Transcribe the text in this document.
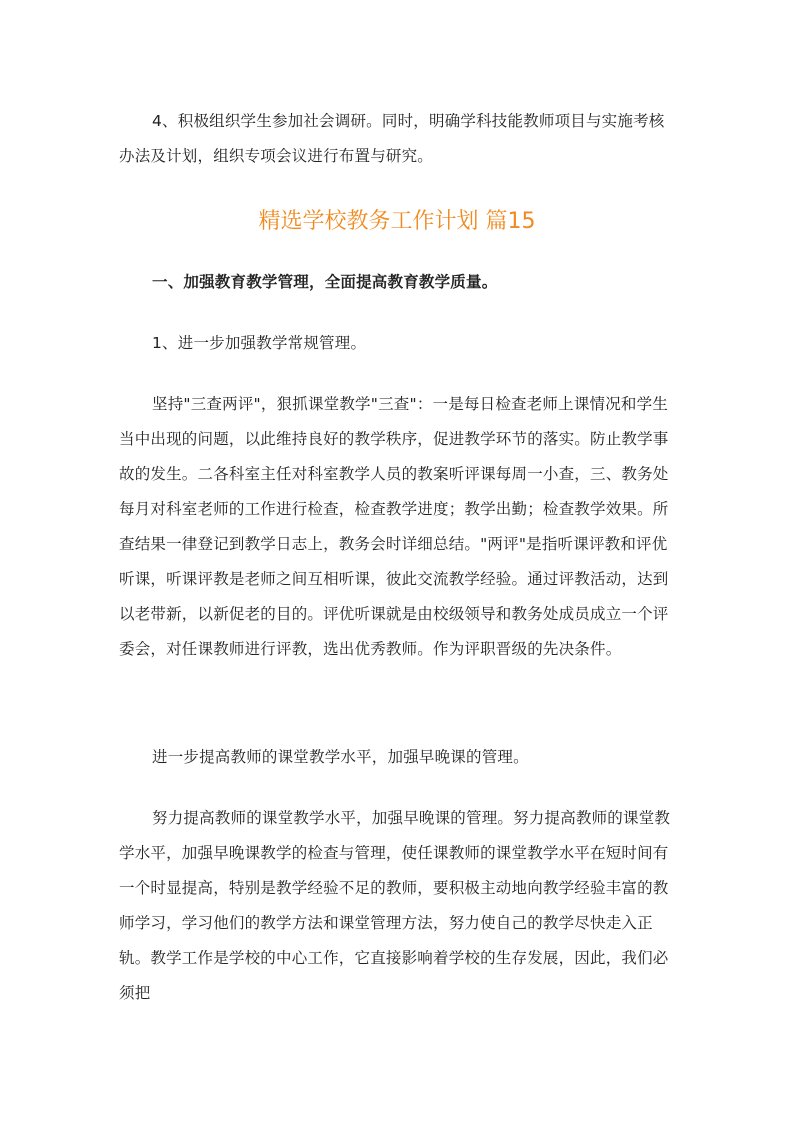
4、积极组织学生参加社会调研。同时，明确学科技能教师项目与实施考核办法及计划，组织专项会议进行布置与研究。

精选学校教务工作计划 篇15

一、加强教育教学管理，全面提高教育教学质量。

1、进一步加强教学常规管理。

坚持"三查两评"，狠抓课堂教学"三查"：一是每日检查老师上课情况和学生当中出现的问题，以此维持良好的教学秩序，促进教学环节的落实。防止教学事故的发生。二各科室主任对科室教学人员的教案听评课每周一小查，三、教务处每月对科室老师的工作进行检查，检查教学进度；教学出勤；检查教学效果。所查结果一律登记到教学日志上，教务会时详细总结。"两评"是指听课评教和评优听课，听课评教是老师之间互相听课，彼此交流教学经验。通过评教活动，达到以老带新，以新促老的目的。评优听课就是由校级领导和教务处成员成立一个评委会，对任课教师进行评教，选出优秀教师。作为评职晋级的先决条件。

进一步提高教师的课堂教学水平，加强早晚课的管理。

努力提高教师的课堂教学水平，加强早晚课的管理。努力提高教师的课堂教学水平，加强早晚课教学的检查与管理，使任课教师的课堂教学水平在短时间有一个时显提高，特别是教学经验不足的教师，要积极主动地向教学经验丰富的教师学习，学习他们的教学方法和课堂管理方法，努力使自己的教学尽快走入正轨。教学工作是学校的中心工作，它直接影响着学校的生存发展，因此，我们必须把
